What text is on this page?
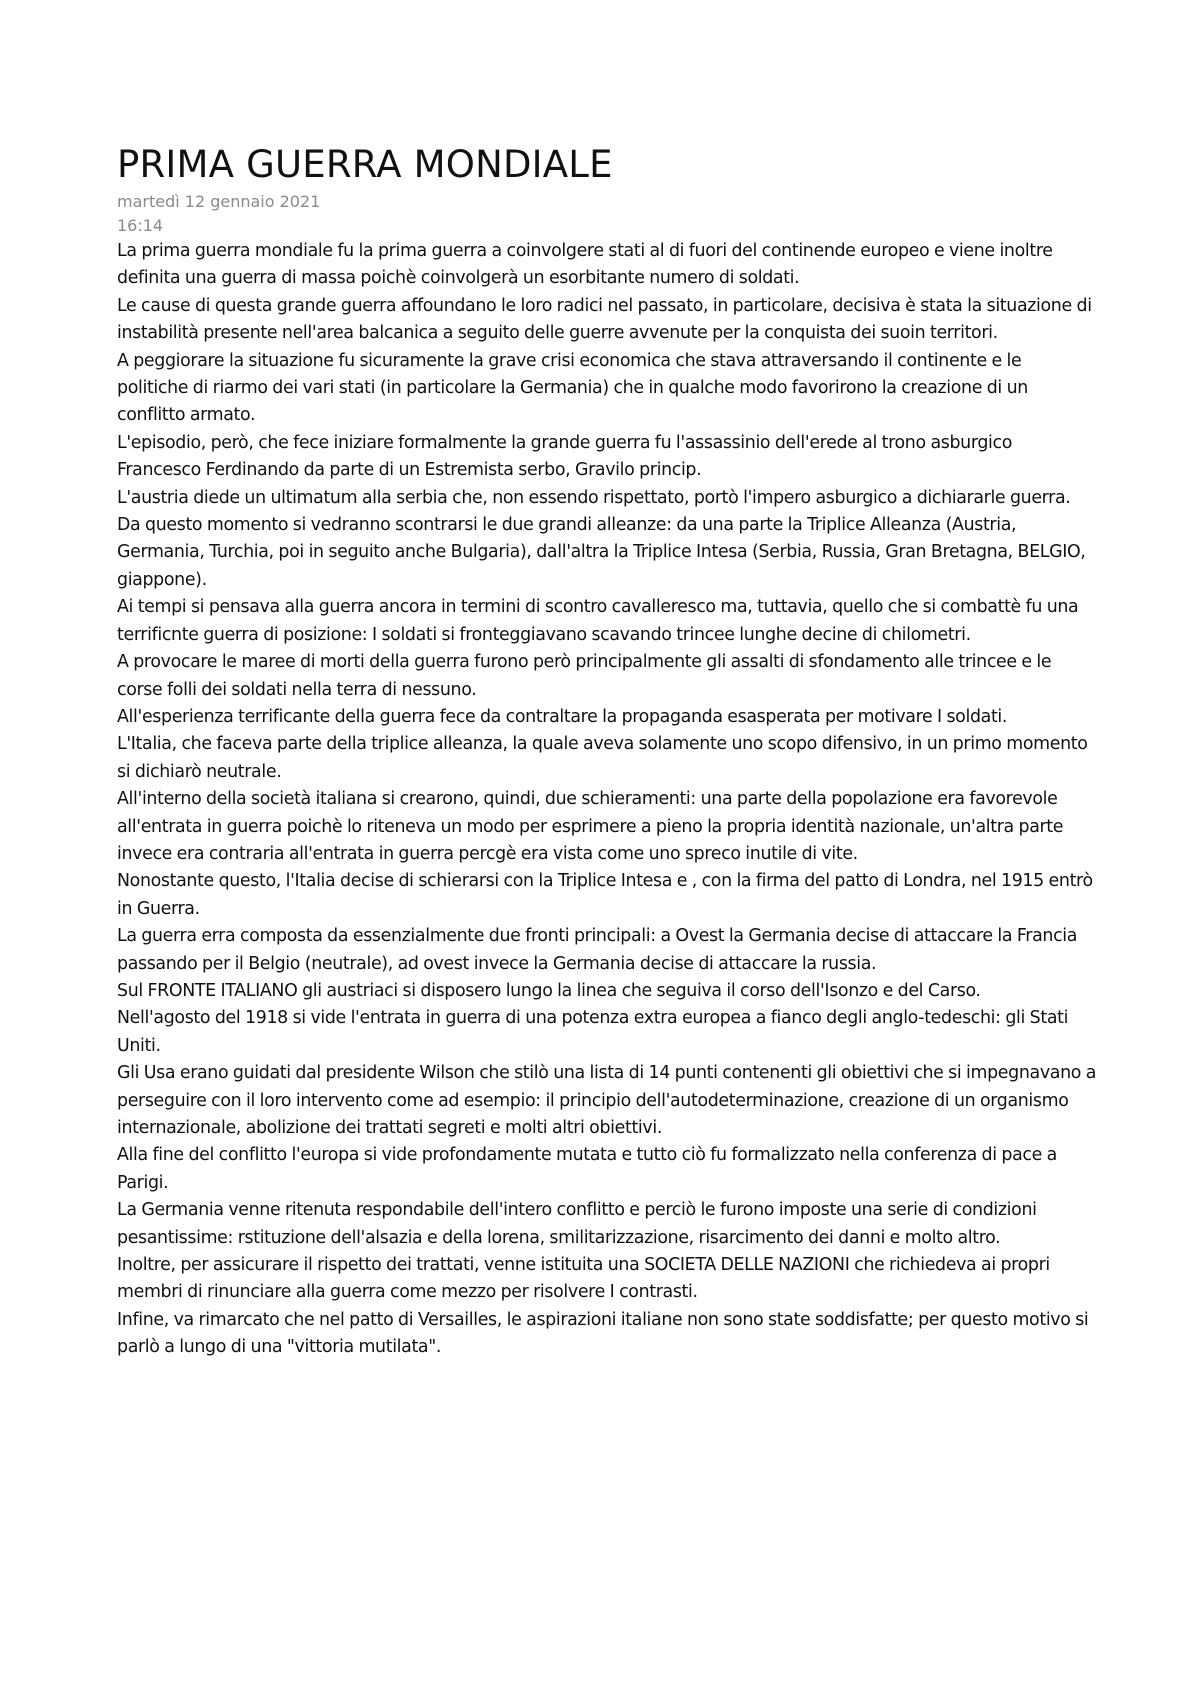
PRIMA GUERRA MONDIALE
martedì 12 gennaio 2021
16:14

La prima guerra mondiale fu la prima guerra a coinvolgere stati al di fuori del continende europeo e viene inoltre definita una guerra di massa poichè coinvolgerà un esorbitante numero di soldati.

Le cause di questa grande guerra affoundano le loro radici nel passato, in particolare, decisiva è stata la situazione di instabilità presente nell'area balcanica a seguito delle guerre avvenute per la conquista dei suoin territori.

A peggiorare la situazione fu sicuramente la grave crisi economica che stava attraversando il continente e le politiche di riarmo dei vari stati (in particolare la Germania) che in qualche modo favorirono la creazione di un conflitto armato.

L'episodio, però, che fece iniziare formalmente la grande guerra fu l'assassinio dell'erede al trono asburgico Francesco Ferdinando da parte di un Estremista serbo, Gravilo princip.

L'austria diede un ultimatum alla serbia che, non essendo rispettato, portò l'impero asburgico a dichiararle guerra.

Da questo momento si vedranno scontrarsi le due grandi alleanze: da una parte la Triplice Alleanza (Austria, Germania, Turchia, poi in seguito anche Bulgaria), dall'altra la Triplice Intesa (Serbia, Russia, Gran Bretagna, BELGIO, giappone).

Ai tempi si pensava alla guerra ancora in termini di scontro cavalleresco ma, tuttavia, quello che si combattè fu una terrificnte guerra di posizione: I soldati si fronteggiavano scavando trincee lunghe decine di chilometri.

A provocare le maree di morti della guerra furono però principalmente gli assalti di sfondamento alle trincee e le corse folli dei soldati nella terra di nessuno.

All'esperienza terrificante della guerra fece da contraltare la propaganda esasperata per motivare I soldati.

L'Italia, che faceva parte della triplice alleanza, la quale aveva solamente uno scopo difensivo, in un primo momento si dichiarò neutrale.

All'interno della società italiana si crearono, quindi, due schieramenti: una parte della popolazione era favorevole all'entrata in guerra poichè lo riteneva un modo per esprimere a pieno la propria identità nazionale, un'altra parte invece era contraria all'entrata in guerra percgè era vista come uno spreco inutile di vite.

Nonostante questo, l'Italia decise di schierarsi con la Triplice Intesa e , con la firma del patto di Londra, nel 1915 entrò in Guerra.

La guerra erra composta da essenzialmente due fronti principali: a Ovest la Germania decise di attaccare la Francia passando per il Belgio (neutrale), ad ovest invece la Germania decise di attaccare la russia.

Sul FRONTE ITALIANO gli austriaci si disposero lungo la linea che seguiva il corso dell'Isonzo e del Carso.

Nell'agosto del 1918 si vide l'entrata in guerra di una potenza extra europea a fianco degli anglo-tedeschi: gli Stati Uniti.

Gli Usa erano guidati dal presidente Wilson che stilò una lista di 14 punti contenenti gli obiettivi che si impegnavano a perseguire con il loro intervento come ad esempio: il principio dell'autodeterminazione, creazione di un organismo internazionale, abolizione dei trattati segreti e molti altri obiettivi.

Alla fine del conflitto l'europa si vide profondamente mutata e tutto ciò fu formalizzato nella conferenza di pace a Parigi.

La Germania venne ritenuta respondabile dell'intero conflitto e perciò le furono imposte una serie di condizioni pesantissime: rstituzione dell'alsazia e della lorena, smilitarizzazione, risarcimento dei danni e molto altro.

Inoltre, per assicurare il rispetto dei trattati, venne istituita una SOCIETA DELLE NAZIONI che richiedeva ai propri membri di rinunciare alla guerra come mezzo per risolvere I contrasti.

Infine, va rimarcato che nel patto di Versailles, le aspirazioni italiane non sono state soddisfatte; per questo motivo si parlò a lungo di una "vittoria mutilata".
